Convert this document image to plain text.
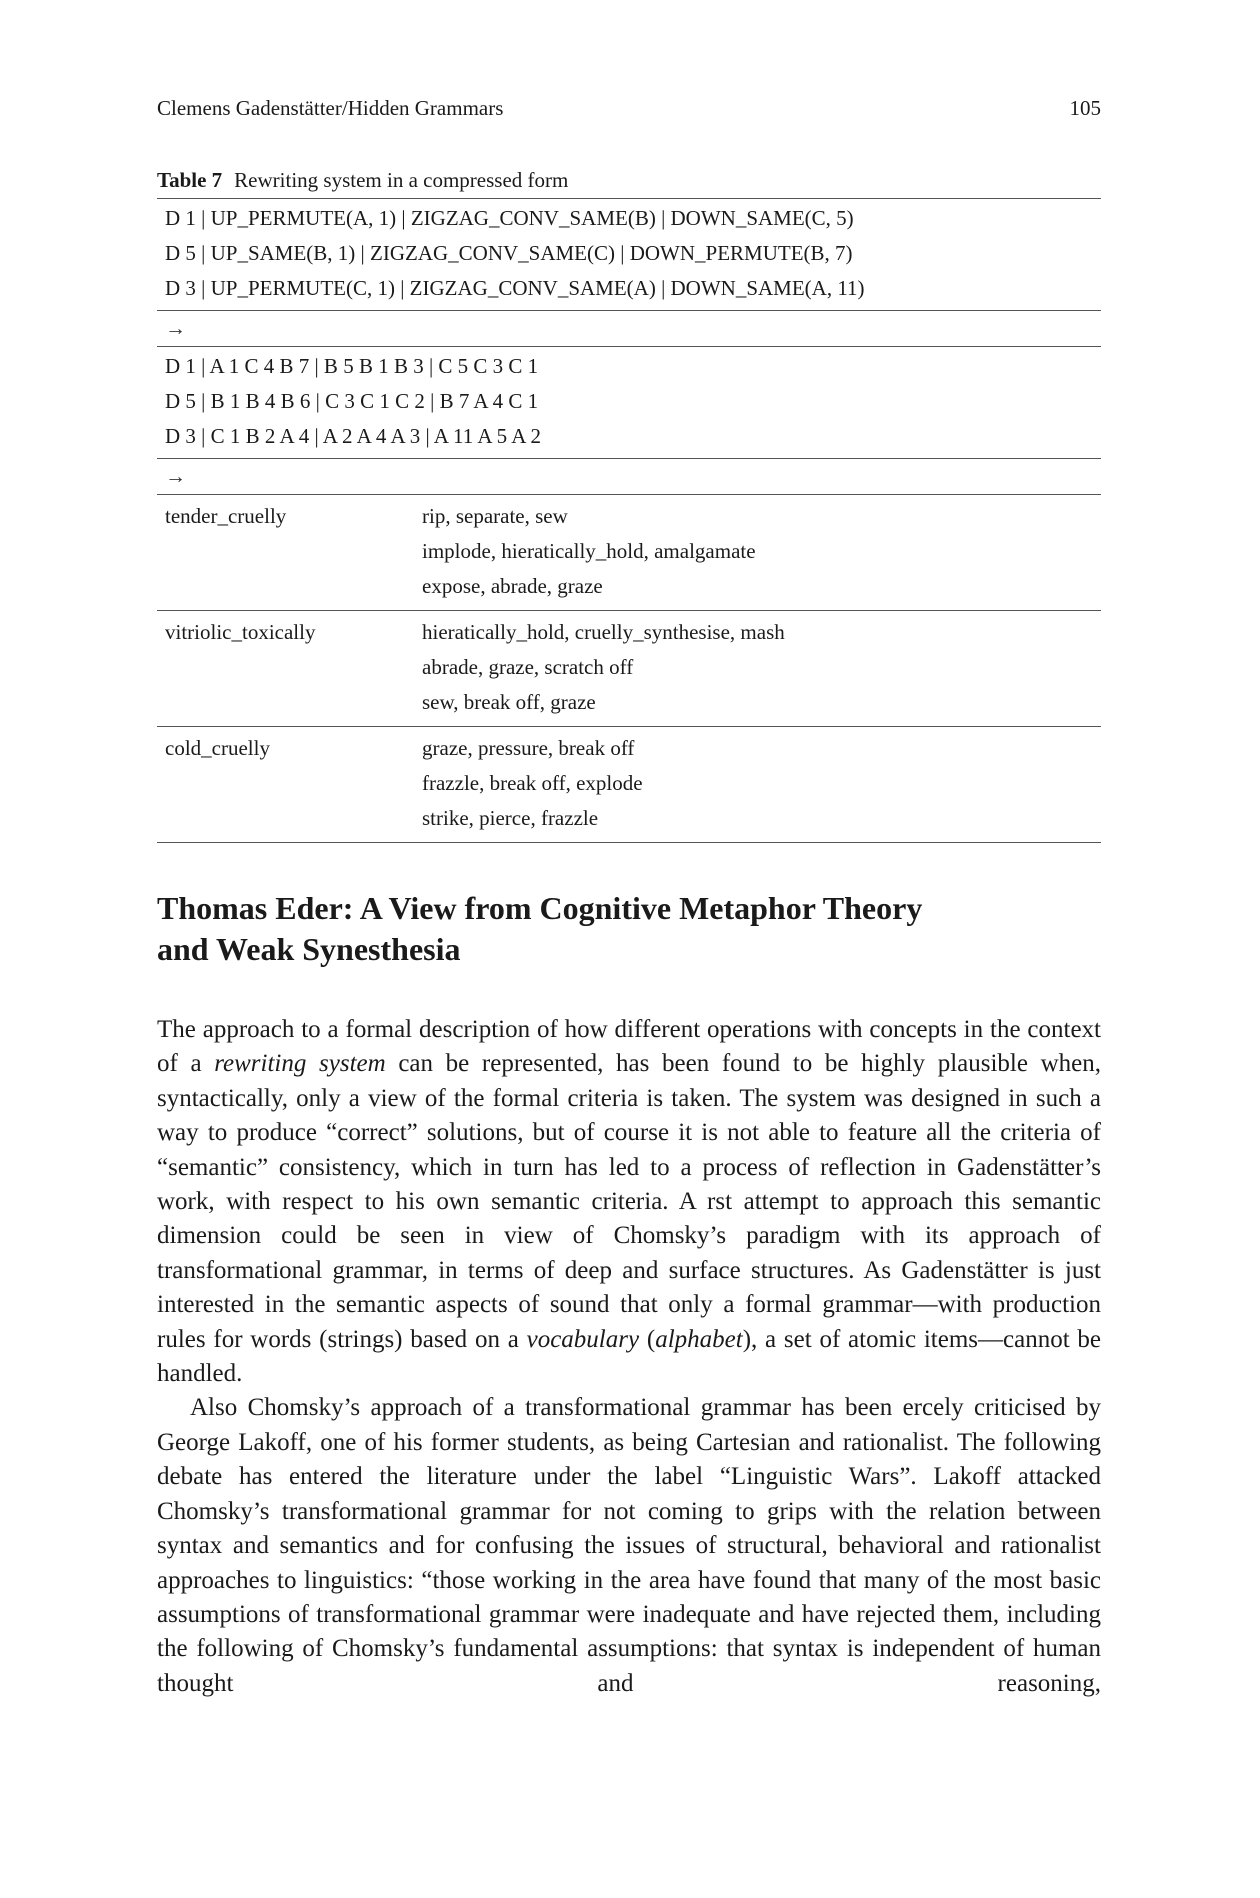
Clemens Gadenstätter/Hidden Grammars	105
Table 7 Rewriting system in a compressed form
D 1 | UP_PERMUTE(A, 1) | ZIGZAG_CONV_SAME(B) | DOWN_SAME(C, 5)
D 5 | UP_SAME(B, 1) | ZIGZAG_CONV_SAME(C) | DOWN_PERMUTE(B, 7)
D 3 | UP_PERMUTE(C, 1) | ZIGZAG_CONV_SAME(A) | DOWN_SAME(A, 11)
→
D 1 | A 1 C 4 B 7 | B 5 B 1 B 3 | C 5 C 3 C 1
D 5 | B 1 B 4 B 6 | C 3 C 1 C 2 | B 7 A 4 C 1
D 3 | C 1 B 2 A 4 | A 2 A 4 A 3 | A 11 A 5 A 2
→
tender_cruelly	rip, separate, sew
implode, hieratically_hold, amalgamate
expose, abrade, graze
vitriolic_toxically	hieratically_hold, cruelly_synthesise, mash
abrade, graze, scratch off
sew, break off, graze
cold_cruelly	graze, pressure, break off
frazzle, break off, explode
strike, pierce, frazzle
Thomas Eder: A View from Cognitive Metaphor Theory
and Weak Synesthesia

The approach to a formal description of how different operations with concepts in the context of a rewriting system can be represented, has been found to be highly plausible when, syntactically, only a view of the formal criteria is taken. The system was designed in such a way to produce “correct” solutions, but of course it is not able to feature all the criteria of “semantic” consistency, which in turn has led to a process of reflection in Gadenstätter’s work, with respect to his own semantic criteria. A rst attempt to approach this semantic dimension could be seen in view of Chomsky’s paradigm with its approach of transformational grammar, in terms of deep and surface structures. As Gadenstätter is just interested in the semantic aspects of sound that only a formal grammar—with production rules for words (strings) based on a vocabulary (alphabet), a set of atomic items—cannot be handled.

Also Chomsky’s approach of a transformational grammar has been ercely criticised by George Lakoff, one of his former students, as being Cartesian and rationalist. The following debate has entered the literature under the label “Linguistic Wars”. Lakoff attacked Chomsky’s transformational grammar for not coming to grips with the relation between syntax and semantics and for confusing the issues of structural, behavioral and rationalist approaches to linguistics: “those working in the area have found that many of the most basic assumptions of transformational grammar were inadequate and have rejected them, including the following of Chomsky’s fundamental assumptions: that syntax is independent of human thought and reasoning,
